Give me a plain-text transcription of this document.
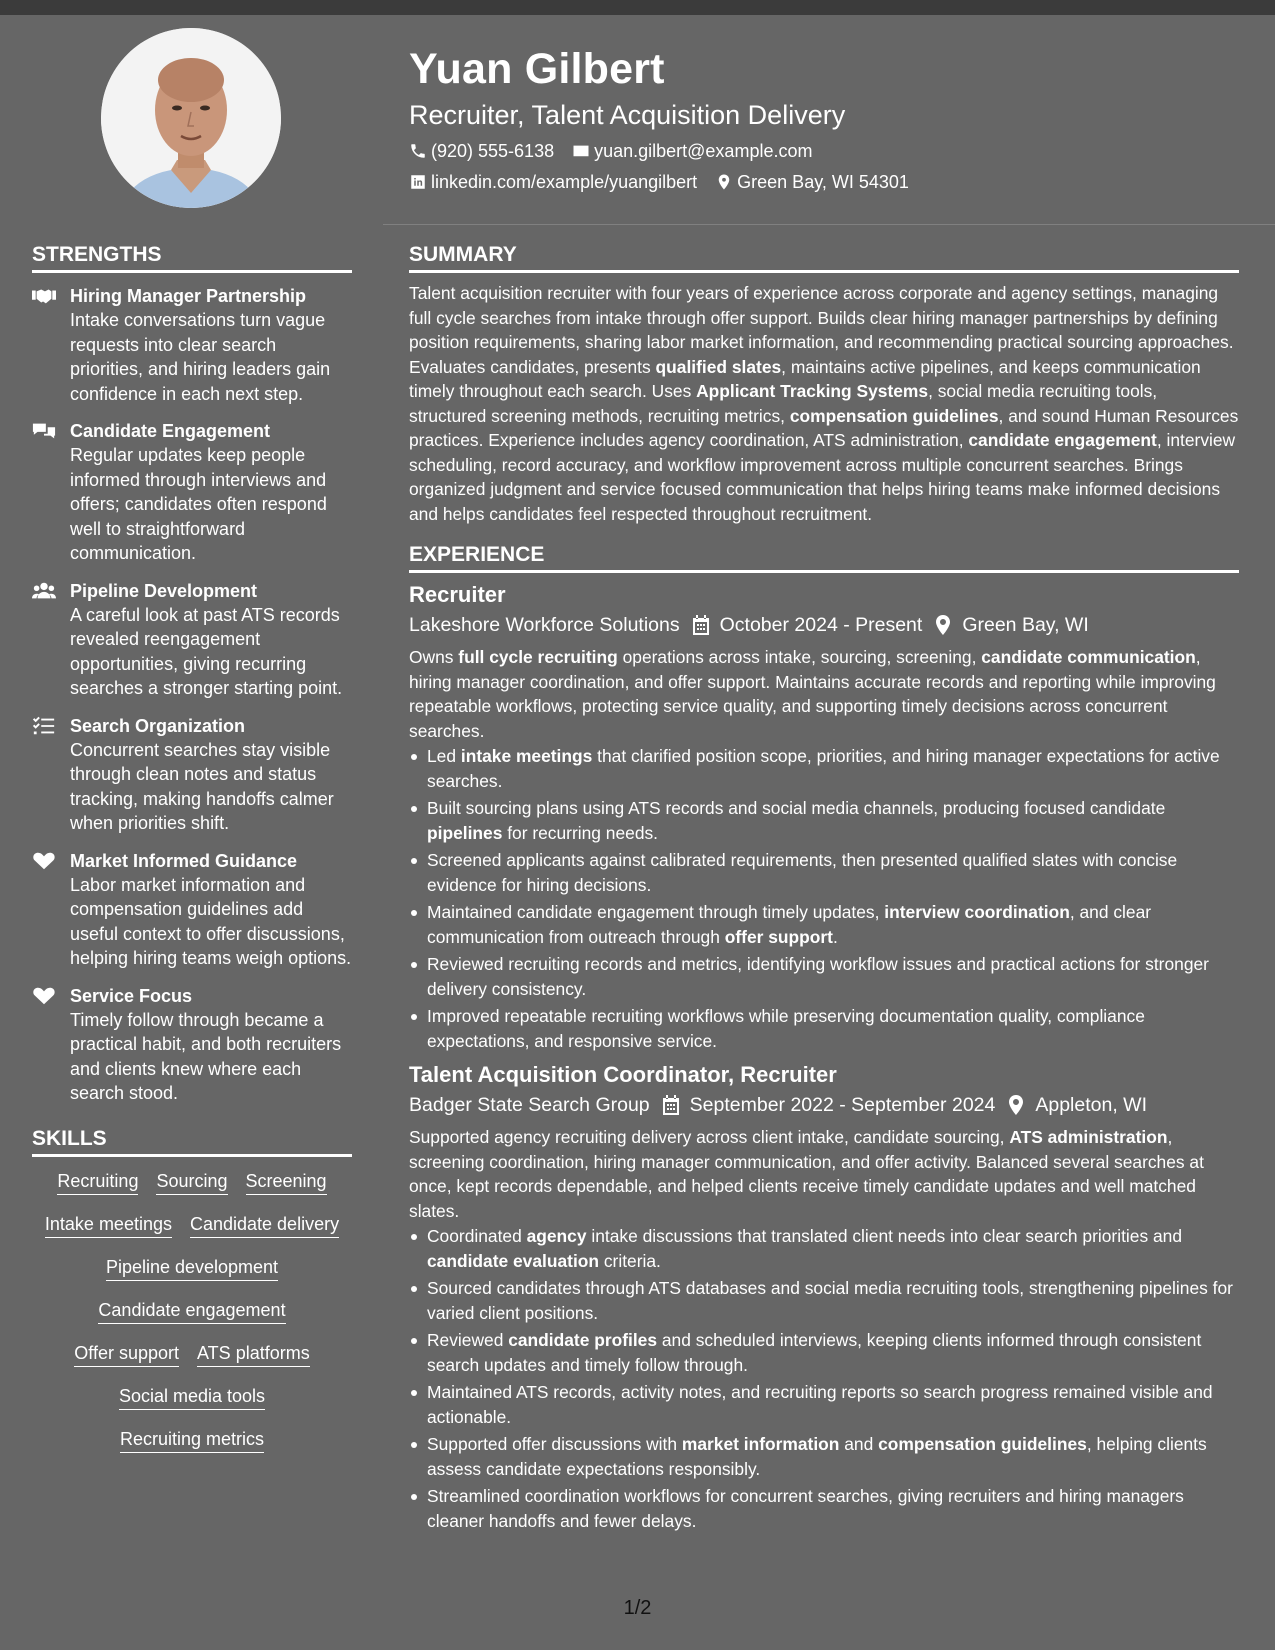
Yuan Gilbert
Recruiter, Talent Acquisition Delivery
(920) 555-6138 yuan.gilbert@example.com
linkedin.com/example/yuangilbert Green Bay, WI 54301
STRENGTHS
Hiring Manager Partnership
Intake conversations turn vague requests into clear search priorities, and hiring leaders gain confidence in each next step.
Candidate Engagement
Regular updates keep people informed through interviews and offers; candidates often respond well to straightforward communication.
Pipeline Development
A careful look at past ATS records revealed reengagement opportunities, giving recurring searches a stronger starting point.
Search Organization
Concurrent searches stay visible through clean notes and status tracking, making handoffs calmer when priorities shift.
Market Informed Guidance
Labor market information and compensation guidelines add useful context to offer discussions, helping hiring teams weigh options.
Service Focus
Timely follow through became a practical habit, and both recruiters and clients knew where each search stood.
SKILLS
Recruiting Sourcing Screening
Intake meetings Candidate delivery
Pipeline development
Candidate engagement
Offer support ATS platforms
Social media tools
Recruiting metrics
SUMMARY
Talent acquisition recruiter with four years of experience across corporate and agency settings, managing full cycle searches from intake through offer support. Builds clear hiring manager partnerships by defining position requirements, sharing labor market information, and recommending practical sourcing approaches. Evaluates candidates, presents qualified slates, maintains active pipelines, and keeps communication timely throughout each search. Uses Applicant Tracking Systems, social media recruiting tools, structured screening methods, recruiting metrics, compensation guidelines, and sound Human Resources practices. Experience includes agency coordination, ATS administration, candidate engagement, interview scheduling, record accuracy, and workflow improvement across multiple concurrent searches. Brings organized judgment and service focused communication that helps hiring teams make informed decisions and helps candidates feel respected throughout recruitment.
EXPERIENCE
Recruiter
Lakeshore Workforce Solutions October 2024 - Present Green Bay, WI
Owns full cycle recruiting operations across intake, sourcing, screening, candidate communication, hiring manager coordination, and offer support. Maintains accurate records and reporting while improving repeatable workflows, protecting service quality, and supporting timely decisions across concurrent searches.
Led intake meetings that clarified position scope, priorities, and hiring manager expectations for active searches.
Built sourcing plans using ATS records and social media channels, producing focused candidate pipelines for recurring needs.
Screened applicants against calibrated requirements, then presented qualified slates with concise evidence for hiring decisions.
Maintained candidate engagement through timely updates, interview coordination, and clear communication from outreach through offer support.
Reviewed recruiting records and metrics, identifying workflow issues and practical actions for stronger delivery consistency.
Improved repeatable recruiting workflows while preserving documentation quality, compliance expectations, and responsive service.
Talent Acquisition Coordinator, Recruiter
Badger State Search Group September 2022 - September 2024 Appleton, WI
Supported agency recruiting delivery across client intake, candidate sourcing, ATS administration, screening coordination, hiring manager communication, and offer activity. Balanced several searches at once, kept records dependable, and helped clients receive timely candidate updates and well matched slates.
Coordinated agency intake discussions that translated client needs into clear search priorities and candidate evaluation criteria.
Sourced candidates through ATS databases and social media recruiting tools, strengthening pipelines for varied client positions.
Reviewed candidate profiles and scheduled interviews, keeping clients informed through consistent search updates and timely follow through.
Maintained ATS records, activity notes, and recruiting reports so search progress remained visible and actionable.
Supported offer discussions with market information and compensation guidelines, helping clients assess candidate expectations responsibly.
Streamlined coordination workflows for concurrent searches, giving recruiters and hiring managers cleaner handoffs and fewer delays.
1/2
